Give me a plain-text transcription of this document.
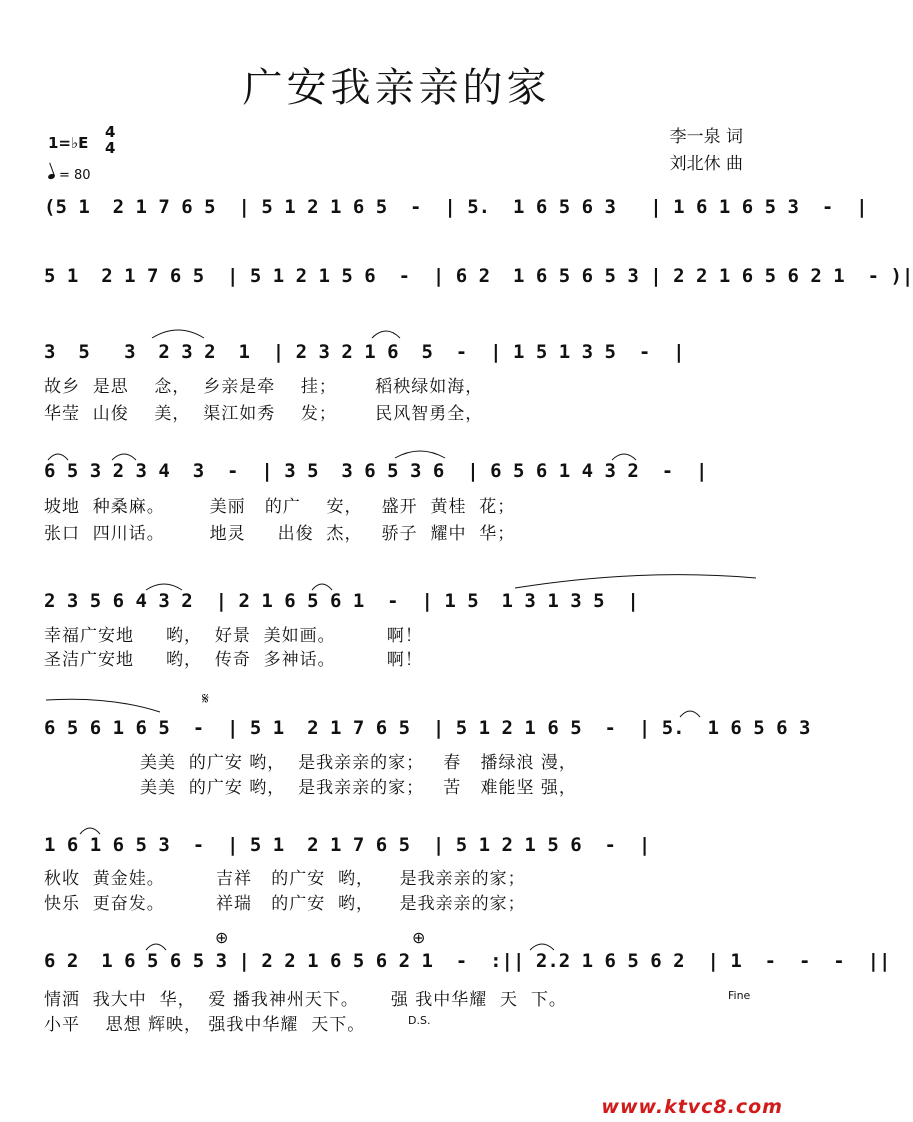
广安我亲亲的家
1=♭E
4
4
= 80
李一泉 词
刘北休 曲
(5 1  2 1 7 6 5  | 5 1 2 1 6 5  -  | 5.  1 6 5 6 3   | 1 6 1 6 5 3  -  |
5 1  2 1 7 6 5  | 5 1 2 1 5 6  -  | 6 2  1 6 5 6 5 3 | 2 2 1 6 5 6 2 1  - )|
3  5   3  2 3 2  1  | 2 3 2 1 6  5  -  | 1 5 1 3 5  -  |
故乡  是思    念，  乡亲是牵    挂；      稻秧绿如海，
华莹  山俊    美，  渠江如秀    发；      民风智勇全，
6 5 3 2 3 4  3  -  | 3 5  3 6 5 3 6  | 6 5 6 1 4 3 2  -  |
坡地  种桑麻。       美丽   的广    安，   盛开  黄桂  花；
张口  四川话。       地灵     出俊  杰，   骄子  耀中  华；
2 3 5 6 4 3 2  | 2 1 6 5 6 1  -  | 1 5  1 3 1 3 5  |
幸福广安地     哟，  好景  美如画。        啊！
圣洁广安地     哟，  传奇  多神话。        啊！
𝄋
6 5 6 1 6 5  -  | 5 1  2 1 7 6 5  | 5 1 2 1 6 5  -  | 5.  1 6 5 6 3
美美  的广安 哟，  是我亲亲的家；   春   播绿浪 漫，
美美  的广安 哟，  是我亲亲的家；   苦   难能坚 强，
1 6 1 6 5 3  -  | 5 1  2 1 7 6 5  | 5 1 2 1 5 6  -  |
秋收  黄金娃。        吉祥   的广安  哟，    是我亲亲的家；
快乐  更奋发。        祥瑞   的广安  哟，    是我亲亲的家；
⊕	⊕
6 2  1 6 5 6 5 3 | 2 2 1 6 5 6 2 1  -  :|| 2.2 1 6 5 6 2  | 1  -  -  -  ||
情洒  我大中  华，  爱 播我神州天下。     强 我中华耀  天  下。
小平    思想 辉映， 强我中华耀  天下。
Fine
D.S.
www.ktvc8.com
